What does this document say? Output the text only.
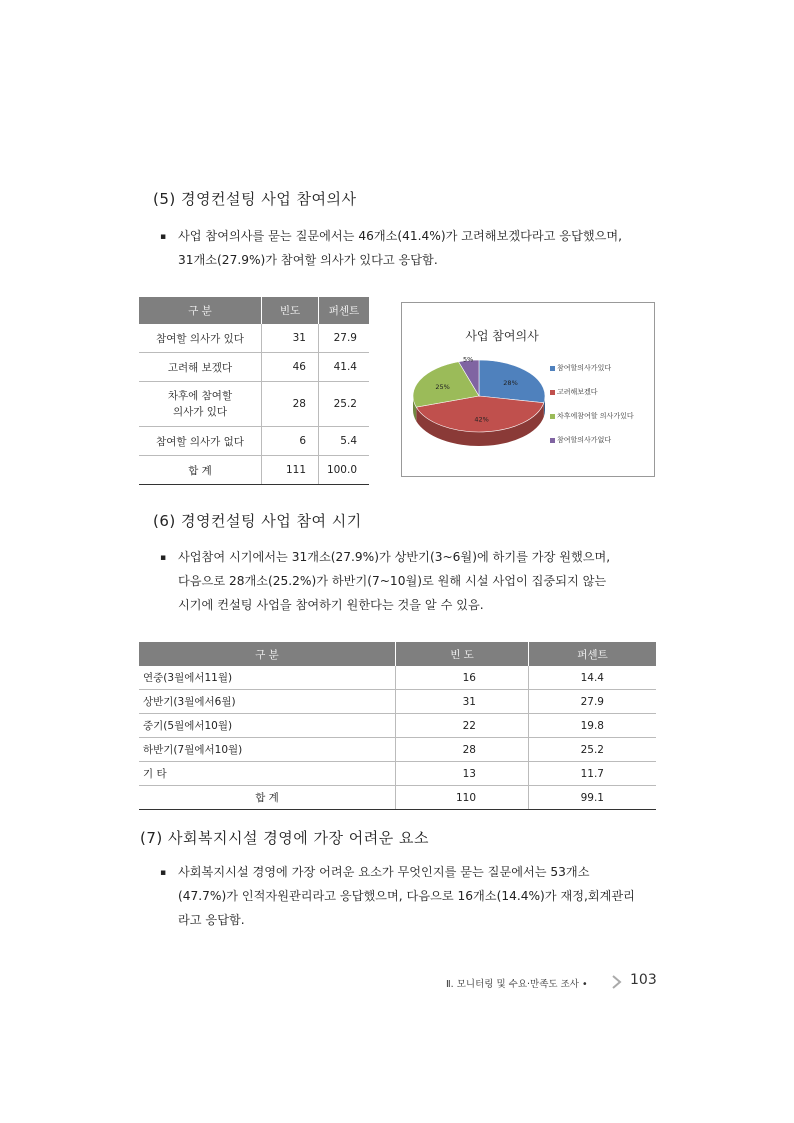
(5) 경영컨설팅 사업 참여의사
▪ 사업 참여의사를 묻는 질문에서는 46개소(41.4%)가 고려해보겠다라고 응답했으며,
31개소(27.9%)가 참여할 의사가 있다고 응답함.
구 분	빈도	퍼센트
참여할 의사가 있다	31	27.9
고려해 보겠다	46	41.4

차후에 참여할
의사가 있다	28	25.2
참여할 의사가 없다	6	5.4
합 계	111	100.0
사업 참여의사
28%
42%
25%
5%
참여할의사가있다
고려해보겠다
차후에참여할 의사가있다
참여할의사가없다
(6) 경영컨설팅 사업 참여 시기
▪ 사업참여 시기에서는 31개소(27.9%)가 상반기(3~6월)에 하기를 가장 원했으며,
다음으로 28개소(25.2%)가 하반기(7~10월)로 원해 시설 사업이 집중되지 않는
시기에 컨설팅 사업을 참여하기 원한다는 것을 알 수 있음.
구 분	빈 도	퍼센트
연중(3월에서11월)	16	14.4
상반기(3월에서6월)	31	27.9
중기(5월에서10월)	22	19.8
하반기(7월에서10월)	28	25.2
기 타	13	11.7
합 계	110	99.1
(7) 사회복지시설 경영에 가장 어려운 요소
▪ 사회복지시설 경영에 가장 어려운 요소가 무엇인지를 묻는 질문에서는 53개소
(47.7%)가 인적자원관리라고 응답했으며, 다음으로 16개소(14.4%)가 재정,회계관리
라고 응답함.
Ⅱ. 모니터링 및 수요·만족도 조사 •	103
